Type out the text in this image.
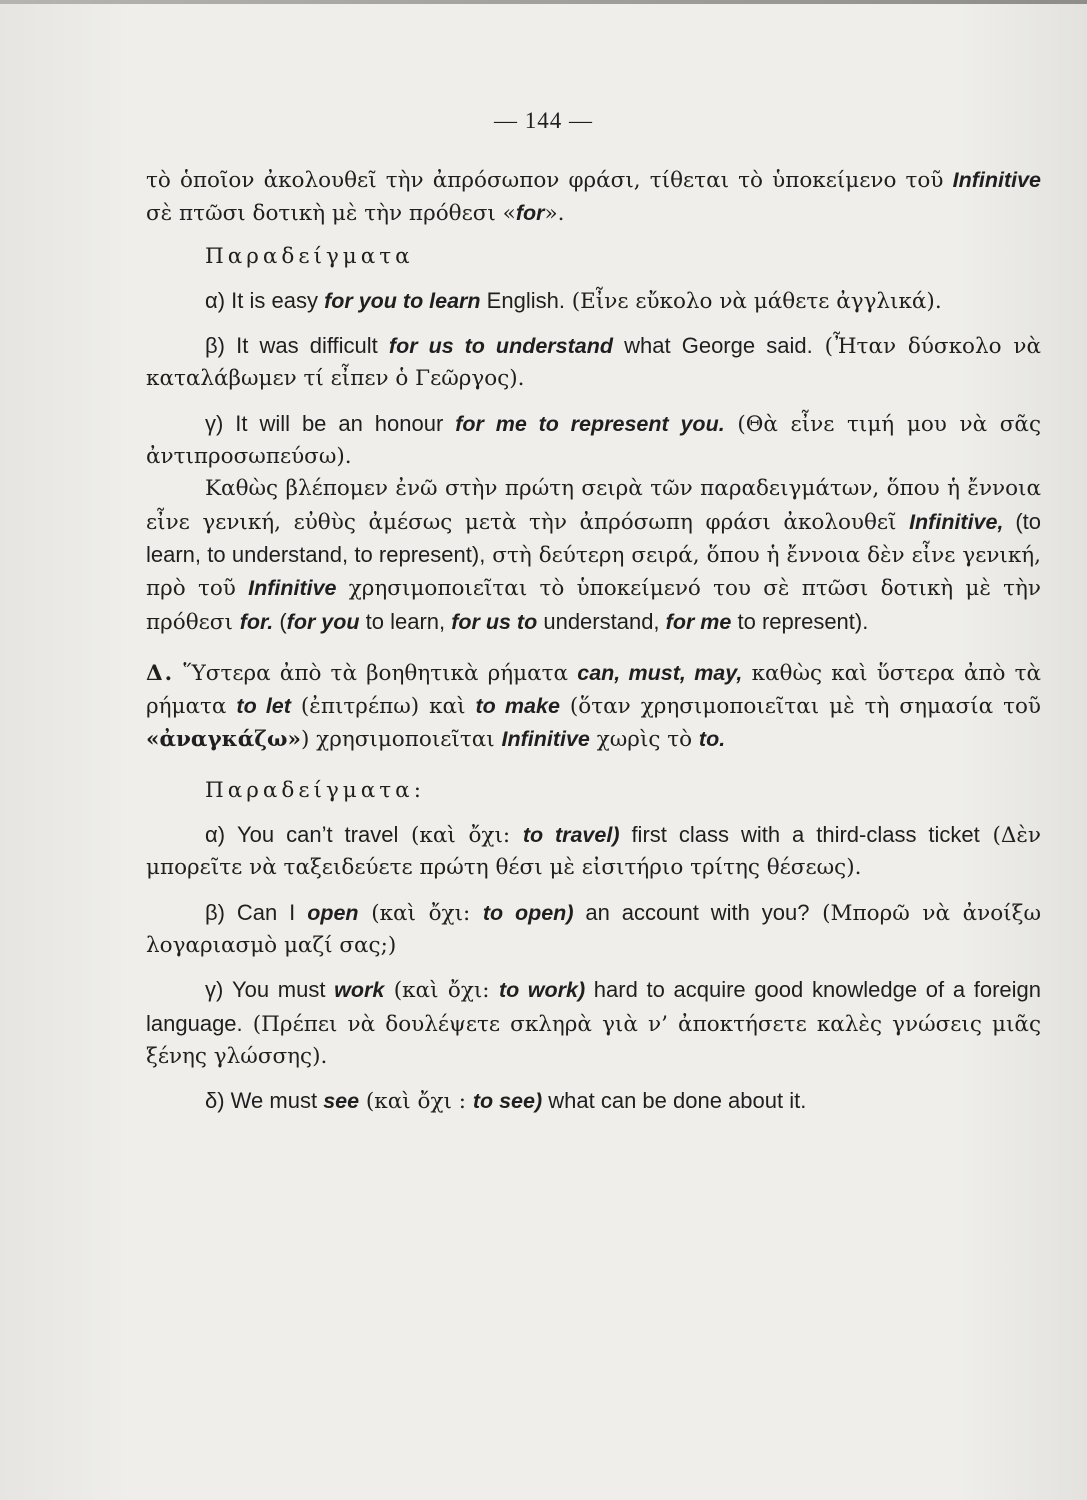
— 144 —

τὸ ὁποῖον ἀκολουθεῖ τὴν ἀπρόσωπον φράσι, τίθεται τὸ ὑποκείμενο τοῦ Infinitive σὲ πτῶσι δοτικὴ μὲ τὴν πρόθεσι «for».

Παραδείγματα

α) It is easy for you to learn English. (Εἶνε εὔκολο νὰ μάθετε ἀγγλικά).

β) It was difficult for us to understand what George said. (Ἦταν δύσκολο νὰ καταλάβωμεν τί εἶπεν ὁ Γεῶργος).

γ) It will be an honour for me to represent you. (Θὰ εἶνε τιμή μου νὰ σᾶς ἀντιπροσωπεύσω).

Καθὼς βλέπομεν ἐνῶ στὴν πρώτη σειρὰ τῶν παραδειγμάτων, ὅπου ἡ ἔννοια εἶνε γενική, εὐθὺς ἀμέσως μετὰ τὴν ἀπρόσωπη φράσι ἀκολουθεῖ Infinitive, (to learn, to understand, to represent), στὴ δεύτερη σειρά, ὅπου ἡ ἔννοια δὲν εἶνε γενική, πρὸ τοῦ Infinitive χρησιμοποιεῖται τὸ ὑποκείμενό του σὲ πτῶσι δοτικὴ μὲ τὴν πρόθεσι for. (for you to learn, for us to understand, for me to represent).

Δ. Ὕστερα ἀπὸ τὰ βοηθητικὰ ρήματα can, must, may, καθὼς καὶ ὕστερα ἀπὸ τὰ ρήματα to let (ἐπιτρέπω) καὶ to make (ὅταν χρησιμοποιεῖται μὲ τὴ σημασία τοῦ «ἀναγκάζω») χρησιμοποιεῖται Infinitive χωρὶς τὸ to.

Παραδείγματα:

α) You can’t travel (καὶ ὄχι: to travel) first class with a third-class ticket (Δὲν μπορεῖτε νὰ ταξειδεύετε πρώτη θέσι μὲ εἰσιτήριο τρίτης θέσεως).

β) Can I open (καὶ ὄχι: to open) an account with you? (Μπορῶ νὰ ἀνοίξω λογαριασμὸ μαζί σας;)

γ) You must work (καὶ ὄχι: to work) hard to acquire good knowledge of a foreign language. (Πρέπει νὰ δουλέψετε σκληρὰ γιὰ ν’ ἀποκτήσετε καλὲς γνώσεις μιᾶς ξένης γλώσσης).

δ) We must see (καὶ ὄχι : to see) what can be done about it.
